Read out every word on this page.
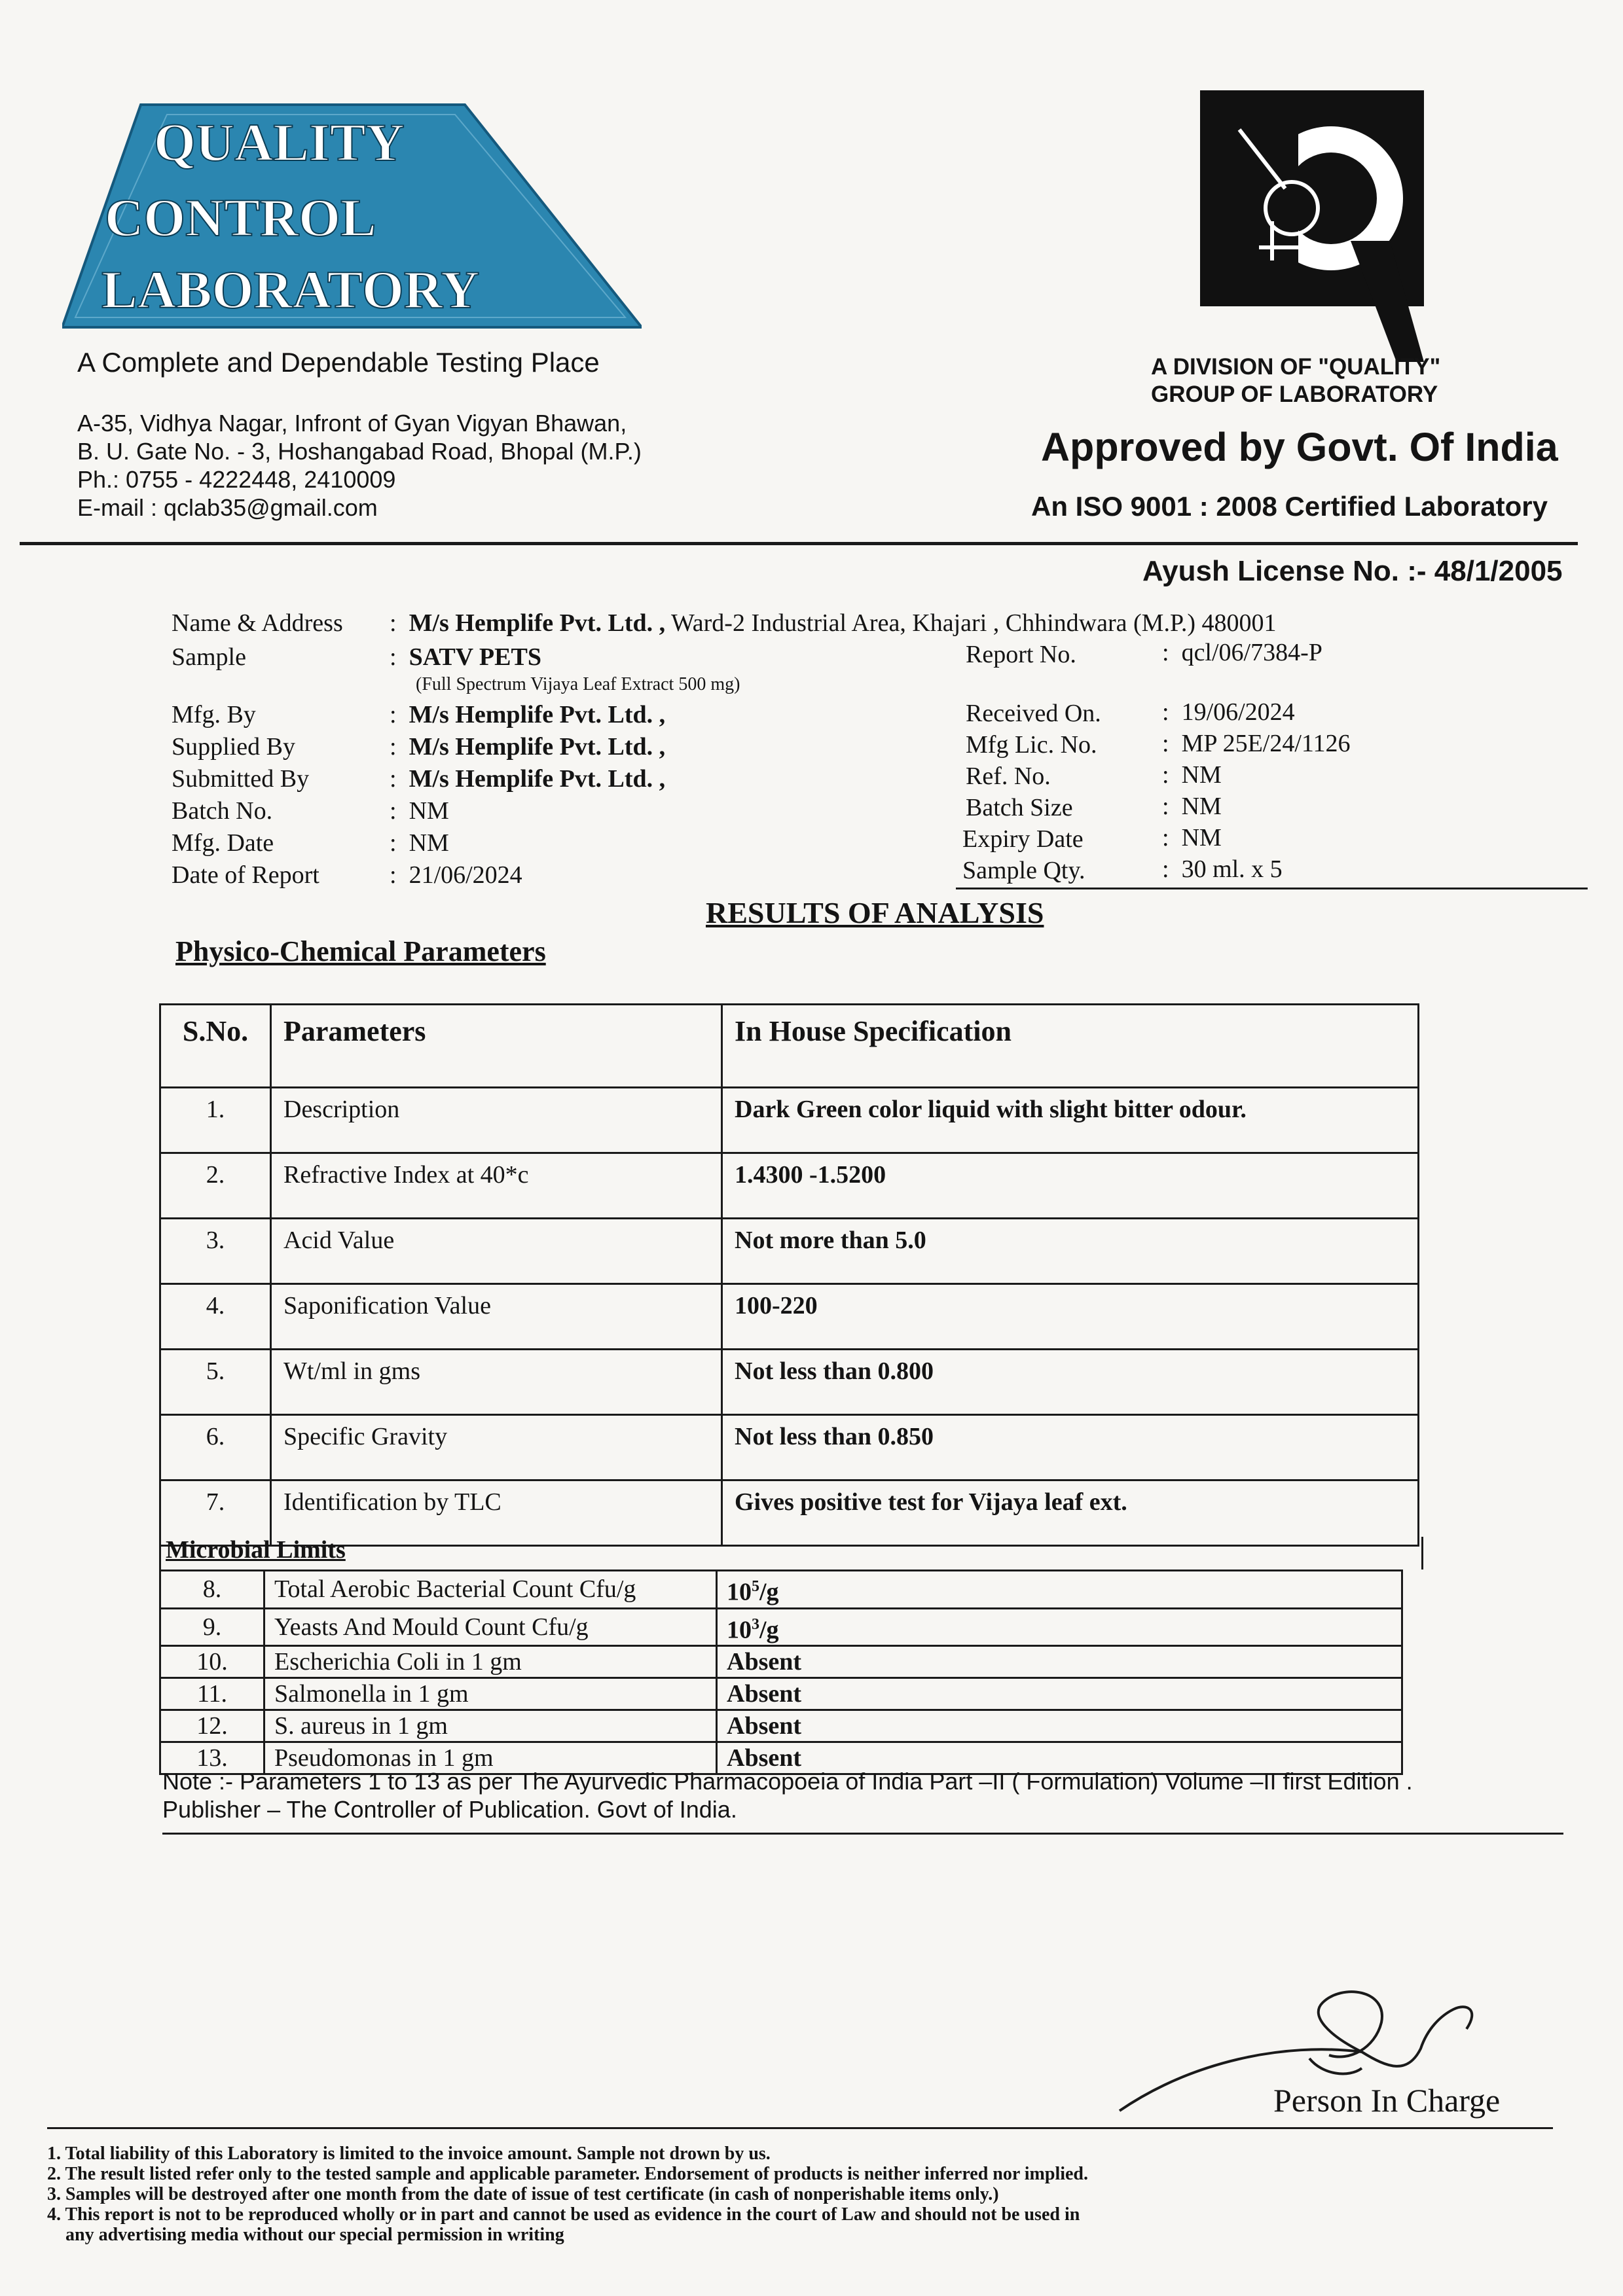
QUALITY
CONTROL
LABORATORY
A Complete and Dependable Testing Place
A-35, Vidhya Nagar, Infront of Gyan Vigyan Bhawan,
B. U. Gate No. - 3, Hoshangabad Road, Bhopal (M.P.)
Ph.: 0755 - 4222448, 2410009
E-mail : qclab35@gmail.com
A DIVISION OF "QUALITY"
GROUP OF LABORATORY
Approved by Govt. Of India
An ISO 9001 : 2008 Certified Laboratory
Ayush License No. :- 48/1/2005
Name & Address : M/s Hemplife Pvt. Ltd. , Ward-2 Industrial Area, Khajari , Chhindwara (M.P.) 480001
Sample	: SATV PETS
(Full Spectrum Vijaya Leaf Extract 500 mg)
Mfg. By	: M/s Hemplife Pvt. Ltd. ,
Supplied By	: M/s Hemplife Pvt. Ltd. ,
Submitted By	: M/s Hemplife Pvt. Ltd. ,
Batch No.	: NM
Mfg. Date	: NM
Date of Report	: 21/06/2024
Report No.	: qcl/06/7384-P
Received On. : 19/06/2024
Mfg Lic. No.	: MP 25E/24/1126
Ref. No.	: NM
Batch Size	: NM
Expiry Date	: NM
Sample Qty.	: 30 ml. x 5
RESULTS OF ANALYSIS
Physico-Chemical Parameters
S.No.	Parameters	In House Specification
1.	Description	Dark Green color liquid with slight bitter odour.
2.	Refractive Index at 40*c	1.4300 -1.5200
3.	Acid Value	Not more than 5.0
4.	Saponification Value	100-220
5.	Wt/ml in gms	Not less than 0.800
6.	Specific Gravity	Not less than 0.850
7.	Identification by TLC	Gives positive test for Vijaya leaf ext.
Microbial Limits
8.	Total Aerobic Bacterial Count Cfu/g	$10^5/g$
9.	Yeasts And Mould Count Cfu/g	$10^3/g$
10.	Escherichia Coli in 1 gm	Absent
11.	Salmonella in 1 gm	Absent
12.	S. aureus in 1 gm	Absent
13.	Pseudomonas in 1 gm	Absent
Note :- Parameters 1 to 13 as per The Ayurvedic Pharmacopoeia of India Part –II ( Formulation) Volume –II first Edition .
Publisher – The Controller of Publication. Govt of India.
Person In Charge
1. Total liability of this Laboratory is limited to the invoice amount. Sample not drown by us.
2. The result listed refer only to the tested sample and applicable parameter. Endorsement of products is neither inferred nor implied.
3. Samples will be destroyed after one month from the date of issue of test certificate (in cash of nonperishable items only.)
4. This report is not to be reproduced wholly or in part and cannot be used as evidence in the court of Law and should not be used in
any advertising media without our special permission in writing
